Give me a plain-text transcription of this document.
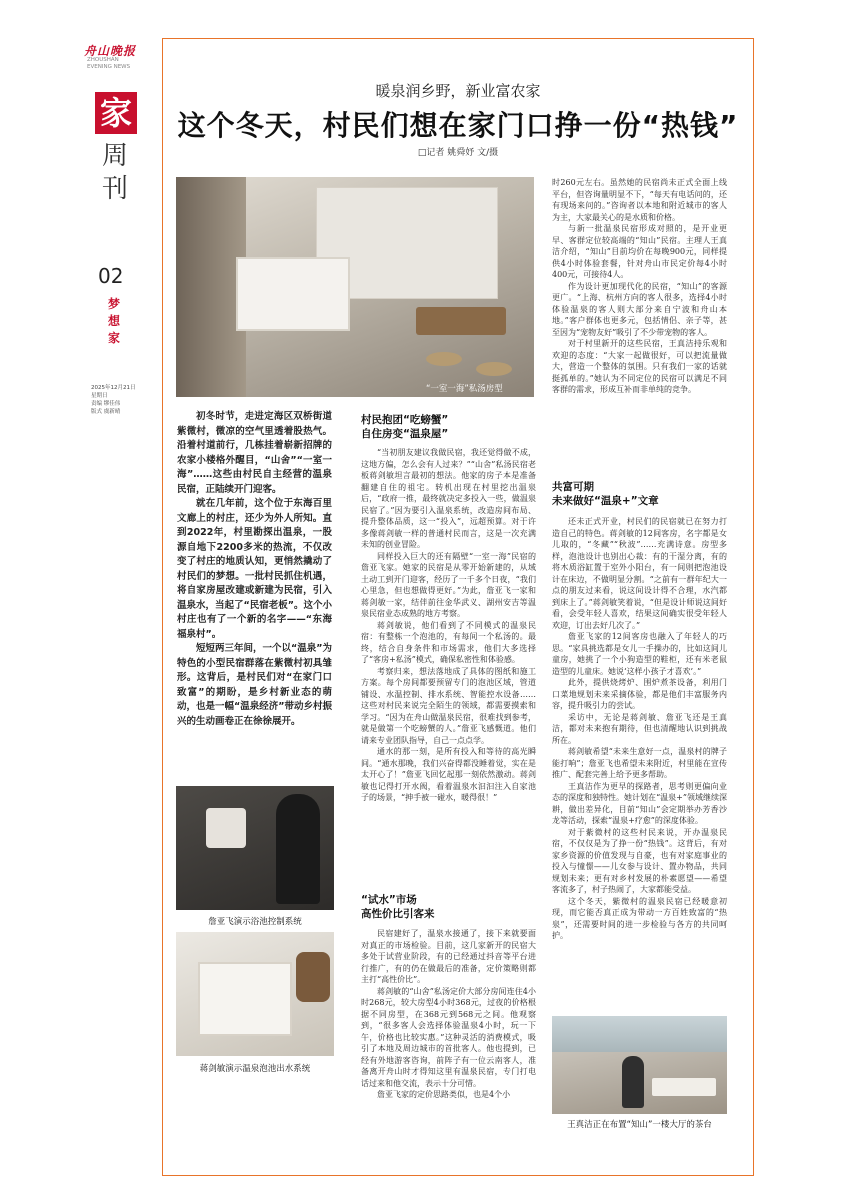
舟山晚报
ZHOUSHAN
EVENING NEWS
家
周刊
02
梦想家
2025年12月21日
星期日
责编 缪佳伟
版式 虞新晴
暖泉润乡野，新业富农家
这个冬天，村民们想在家门口挣一份“热钱”
□记者 姚舜妤 文/摄
“一室一海”私汤房型

初冬时节，走进定海区双桥街道紫微村，微凉的空气里透着股热气。沿着村道前行，几栋挂着崭新招牌的农家小楼格外醒目，“山舍”“一室一海”……这些由村民自主经营的温泉民宿，正陆续开门迎客。

就在几年前，这个位于东海百里文廊上的村庄，还少为外人所知。直到2022年，村里勘探出温泉，一股源自地下2200多米的热流，不仅改变了村庄的地质认知，更悄然撬动了村民们的梦想。一批村民抓住机遇，将自家房屋改建或新建为民宿，引入温泉水，当起了“民宿老板”。这个小村庄也有了一个新的名字——“东海福泉村”。

短短两三年间，一个以“温泉”为特色的小型民宿群落在紫微村初具雏形。这背后，是村民们对“在家门口致富”的期盼，是乡村新业态的萌动，也是一幅“温泉经济”带动乡村振兴的生动画卷正在徐徐展开。

詹亚飞演示浴池控制系统
蒋剑敏演示温泉泡池出水系统
村民抱团“吃螃蟹”
自住房变“温泉屋”

“当初朋友建议我做民宿，我还觉得做不成，这地方偏，怎么会有人过来？”“山舍”私汤民宿老板蒋剑敏坦言最初的想法。他家的房子本是准备翻建自住的祖宅。转机出现在村里挖出温泉后，“政府一推，最终就决定多投入一些，做温泉民宿了。”因为要引入温泉系统，改造房间布局、提升整体品质，这一“投入”，远超预算。对于许多像蒋剑敏一样的普通村民而言，这是一次充满未知的创业冒险。

同样投入巨大的还有隔壁“一室一海”民宿的詹亚飞家。她家的民宿是从零开始新建的，从域土动工到开门迎客，经历了一千多个日夜，“我们心里急，但也想做得更好。”为此，詹亚飞一家和蒋剑敏一家，结伴前往金华武义、湖州安吉等温泉民宿业态成熟的地方考察。

蒋剑敏说，他们看到了不同模式的温泉民宿：有整栋一个泡池的，有每间一个私汤的。最终，结合自身条件和市场需求，他们大多选择了“客房+私汤”模式，确保私密性和体验感。

考察归来，想法落地成了具体的图纸和施工方案。每个房间都要预留专门的泡池区域，管道铺设、水温控制、排水系统、智能控水设备……这些对村民来说完全陌生的领域，都需要摸索和学习。“因为在舟山做温泉民宿，很难找到参考，就是做第一个吃螃蟹的人。”詹亚飞感慨道。他们请来专业团队指导，自己一点点学。

通水的那一刻，是所有投入和等待的高光瞬间。“通水那晚，我们兴奋得都没睡着觉，实在是太开心了！”詹亚飞回忆起那一刻依然激动。蒋剑敏也记得打开水阀，看着温泉水汩汩注入自家池子的场景，“抻手被一碰水，暖得很！”

“试水”市场
高性价比引客来

民宿建好了，温泉水接通了，接下来就要面对真正的市场检验。目前，这几家新开的民宿大多处于试营业阶段，有的已经通过抖音等平台进行推广，有的仍在做最后的准备，定价策略则都主打“高性价比”。

蒋剑敏的“山舍”私汤定价大部分房间连住4小时268元，较大房型4小时368元，过夜的价格根据不同房型，在368元到568元之间。他观察到，“很多客人会选择体验温泉4小时，玩一下午，价格也比较实惠。”这种灵活的消费模式，吸引了本地及周边城市的首批客人。他也提到，已经有外地游客咨询，前阵子有一位云南客人，准备离开舟山时才得知这里有温泉民宿，专门打电话过来和他交流，表示十分可惜。

詹亚飞家的定价思路类似，也是4个小

时260元左右。虽然她的民宿尚未正式全面上线平台，但咨询量明显不下，“每天有电话问的，还有现场来问的。”咨询者以本地和附近城市的客人为主，大家最关心的是水质和价格。

与新一批温泉民宿形成对照的，是开业更早、客群定位较高端的“知山”民宿。主理人王真洁介绍，“知山”目前均价在每晚900元，同样提供4小时体验套餐，针对舟山市民定价每4小时400元，可接待4人。

作为设计更加现代化的民宿，“知山”的客源更广。“上海、杭州方向的客人很多，选择4小时体验温泉的客人则大部分来自宁波和舟山本地。”客户群体也更多元，包括情侣、亲子等，甚至因为“宠物友好”吸引了不少带宠物的客人。

对于村里新开的这些民宿，王真洁持乐观和欢迎的态度：“大家一起做很好，可以把流量做大，营造一个整体的氛围。只有我们一家的话就挺孤单的。”她认为不同定位的民宿可以满足不同客群的需求，形成互补而非单纯的竞争。

共富可期
未来做好“温泉+”文章

还未正式开业，村民们的民宿就已在努力打造自己的特色。蒋剑敏的12间客房，名字都是女儿取的，“冬藏”“秋波”……充满诗意。房型多样，泡池设计也别出心裁：有的干湿分离，有的将木质浴缸置于室外小阳台，有一间则把泡池设计在床边，不做明显分割。“之前有一群年纪大一点的朋友过来看，说这间设计得不合理，水汽都到床上了。”蒋剑敏笑着说，“但是设计师说这间好看，会受年轻人喜欢，结果这间确实很受年轻人欢迎，订出去好几次了。”

詹亚飞家的12间客房也融入了年轻人的巧思。“家具挑选都是女儿一手操办的，比如这间儿童房，她挑了一个小狗造型的鞋柜，还有米老鼠造型的儿童床。她说‘这样小孩子才喜欢’。”

此外，提供烧烤炉、围炉煮茶设备，利用门口菜地规划未来采摘体验，都是他们丰富服务内容，提升吸引力的尝试。

采访中，无论是蒋剑敏、詹亚飞还是王真洁，都对未来抱有期待，但也清醒地认识到挑战所在。

蒋剑敏希望“未来生意好一点，温泉村的牌子能打响”；詹亚飞也希望未来附近，村里能在宣传推广、配套完善上给予更多帮助。

王真洁作为更早的探路者，思考则更偏向业态的深度和独特性。她计划在“温泉+”领域继续深耕，做出差异化，目前“知山”会定期举办芳香沙龙等活动，探索“温泉+疗愈”的深度体验。

对于紫微村的这些村民来说，开办温泉民宿，不仅仅是为了挣一份“热钱”。这背后，有对家乡资源的价值发现与自豪，也有对家庭事业的投入与憧憬——儿女参与设计、置办物品，共同规划未来；更有对乡村发展的朴素愿望——希望客流多了，村子热闹了，大家都能受益。

这个冬天，紫微村的温泉民宿已经暖意初现，而它能否真正成为带动一方百姓致富的“热泉”，还需要时间的进一步检验与各方的共同呵护。

王真洁正在布置“知山”一楼大厅的茶台
